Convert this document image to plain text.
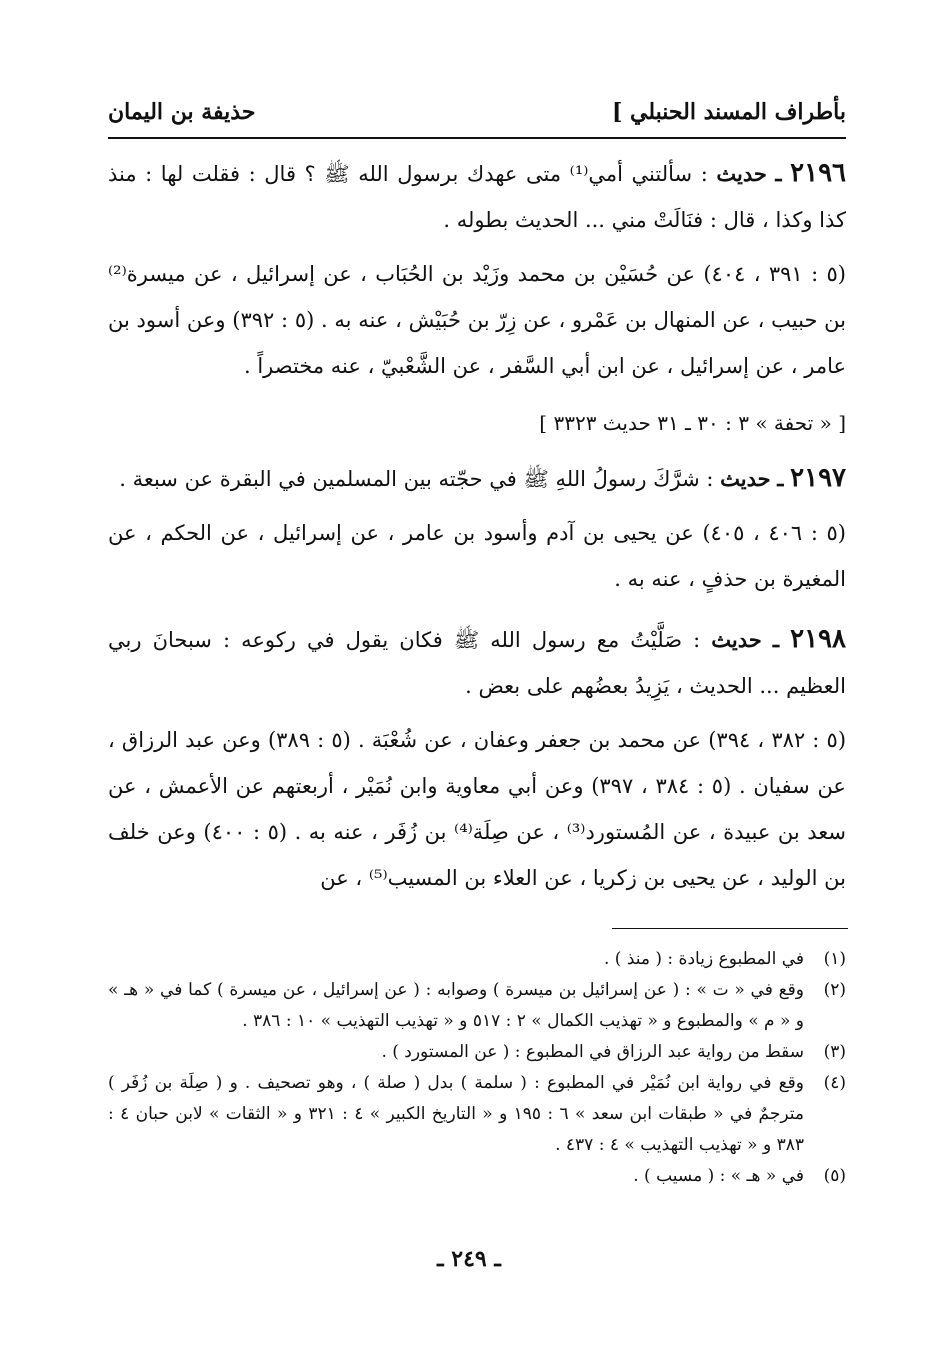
بأطراف المسند الحنبلي ]
حذيفة بن اليمان

٢١٩٦ ـ حديث : سألتني أمي⁽¹⁾ متى عهدك برسول الله ﷺ ؟ قال : فقلت لها : منذ كذا وكذا ، قال : فنَالَتْ مني ... الحديث بطوله .

(٥ : ٣٩١ ، ٤٠٤) عن حُسَيْن بن محمد وزَيْد بن الحُبَاب ، عن إسرائيل ، عن ميسرة⁽²⁾ بن حبيب ، عن المنهال بن عَمْرو ، عن زِرّ بن حُبَيْش ، عنه به . (٥ : ٣٩٢) وعن أسود بن عامر ، عن إسرائيل ، عن ابن أبي السَّفر ، عن الشَّعْبيّ ، عنه مختصراً .

[ « تحفة » ٣ : ٣٠ ـ ٣١ حديث ٣٣٢٣ ]

٢١٩٧ ـ حديث : شرَّكَ رسولُ اللهِ ﷺ في حجّته بين المسلمين في البقرة عن سبعة .

(٥ : ٤٠٦ ، ٤٠٥) عن يحيى بن آدم وأسود بن عامر ، عن إسرائيل ، عن الحكم ، عن المغيرة بن حذفٍ ، عنه به .

٢١٩٨ ـ حديث : صَلَّيْتُ مع رسول الله ﷺ فكان يقول في ركوعه : سبحانَ ربي العظيم ... الحديث ، يَزِيدُ بعضُهم على بعض .

(٥ : ٣٨٢ ، ٣٩٤) عن محمد بن جعفر وعفان ، عن شُعْبَة . (٥ : ٣٨٩) وعن عبد الرزاق ، عن سفيان . (٥ : ٣٨٤ ، ٣٩٧) وعن أبي معاوية وابن نُمَيْر ، أربعتهم عن الأعمش ، عن سعد بن عبيدة ، عن المُستورد⁽³⁾ ، عن صِلَة⁽⁴⁾ بن زُفَر ، عنه به . (٥ : ٤٠٠) وعن خلف بن الوليد ، عن يحيى بن زكريا ، عن العلاء بن المسيب⁽⁵⁾ ، عن

(١)
في المطبوع زيادة : ( منذ ) .
(٢)
وقع في « ت » : ( عن إسرائيل بن ميسرة ) وصوابه : ( عن إسرائيل ، عن ميسرة ) كما في « هـ » و « م » والمطبوع و « تهذيب الكمال » ٢ : ٥١٧ و « تهذيب التهذيب » ١٠ : ٣٨٦ .
(٣)
سقط من رواية عبد الرزاق في المطبوع : ( عن المستورد ) .
(٤)
وقع في رواية ابن نُمَيْر في المطبوع : ( سلمة ) بدل ( صلة ) ، وهو تصحيف . و ( صِلَة بن زُفَر ) مترجمٌ في « طبقات ابن سعد » ٦ : ١٩٥ و « التاريخ الكبير » ٤ : ٣٢١ و « الثقات » لابن حبان ٤ : ٣٨٣ و « تهذيب التهذيب » ٤ : ٤٣٧ .
(٥)
في « هـ » : ( مسيب ) .
ـ ٢٤٩ ـ
